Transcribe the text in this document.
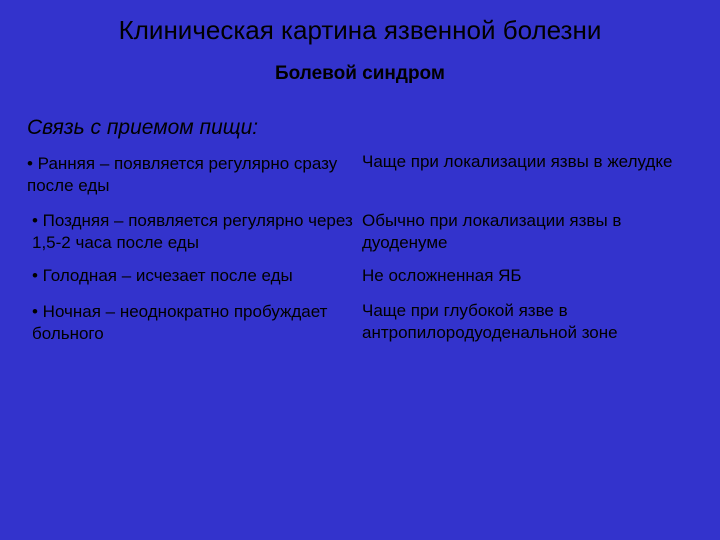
Клиническая картина язвенной болезни
Болевой синдром

Связь с приемом пищи:

• Ранняя – появляется регулярно сразу после еды

Чаще при локализации язвы в желудке

• Поздняя – появляется регулярно через 1,5-2 часа после еды

Обычно при локализации язвы в дуоденуме

• Голодная – исчезает после еды	Не осложненная ЯБ

• Ночная – неоднократно пробуждает больного

Чаще при глубокой язве в антропилородуоденальной зоне
